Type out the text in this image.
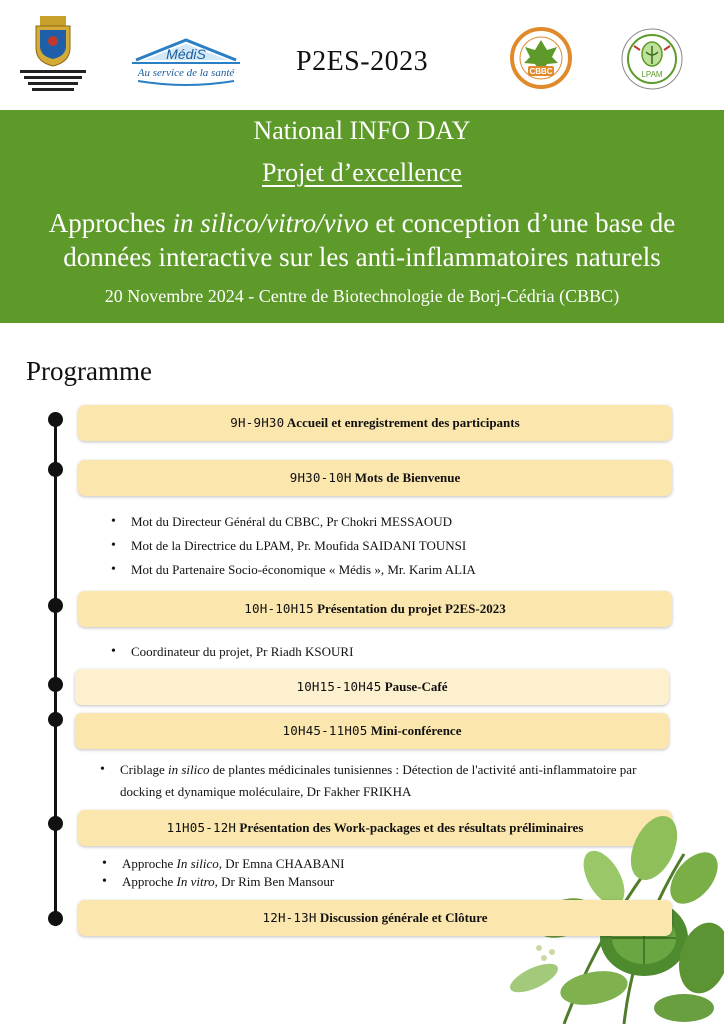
MédiS
Au service de la santé P2ES-2023	CBBC	LPAM
National INFO DAY
Projet d’excellence
Approches in silico/vitro/vivo et conception d’une base de données interactive sur les anti-inflammatoires naturels
20 Novembre 2024 - Centre de Biotechnologie de Borj-Cédria (CBBC)
Programme
9H-9H30 Accueil et enregistrement des participants
9H30-10H Mots de Bienvenue
• Mot du Directeur Général du CBBC, Pr Chokri MESSAOUD
• Mot de la Directrice du LPAM, Pr. Moufida SAIDANI TOUNSI
• Mot du Partenaire Socio-économique « Médis », Mr. Karim ALIA
10H-10H15 Présentation du projet P2ES-2023
• Coordinateur du projet, Pr Riadh KSOURI
10H15-10H45 Pause-Café
10H45-11H05 Mini-conférence
• Criblage in silico de plantes médicinales tunisiennes : Détection de l'activité anti-inflammatoire par
docking et dynamique moléculaire, Dr Fakher FRIKHA
11H05-12H Présentation des Work-packages et des résultats préliminaires
• Approche In silico, Dr Emna CHAABANI
• Approche In vitro, Dr Rim Ben Mansour
12H-13H Discussion générale et Clôture
